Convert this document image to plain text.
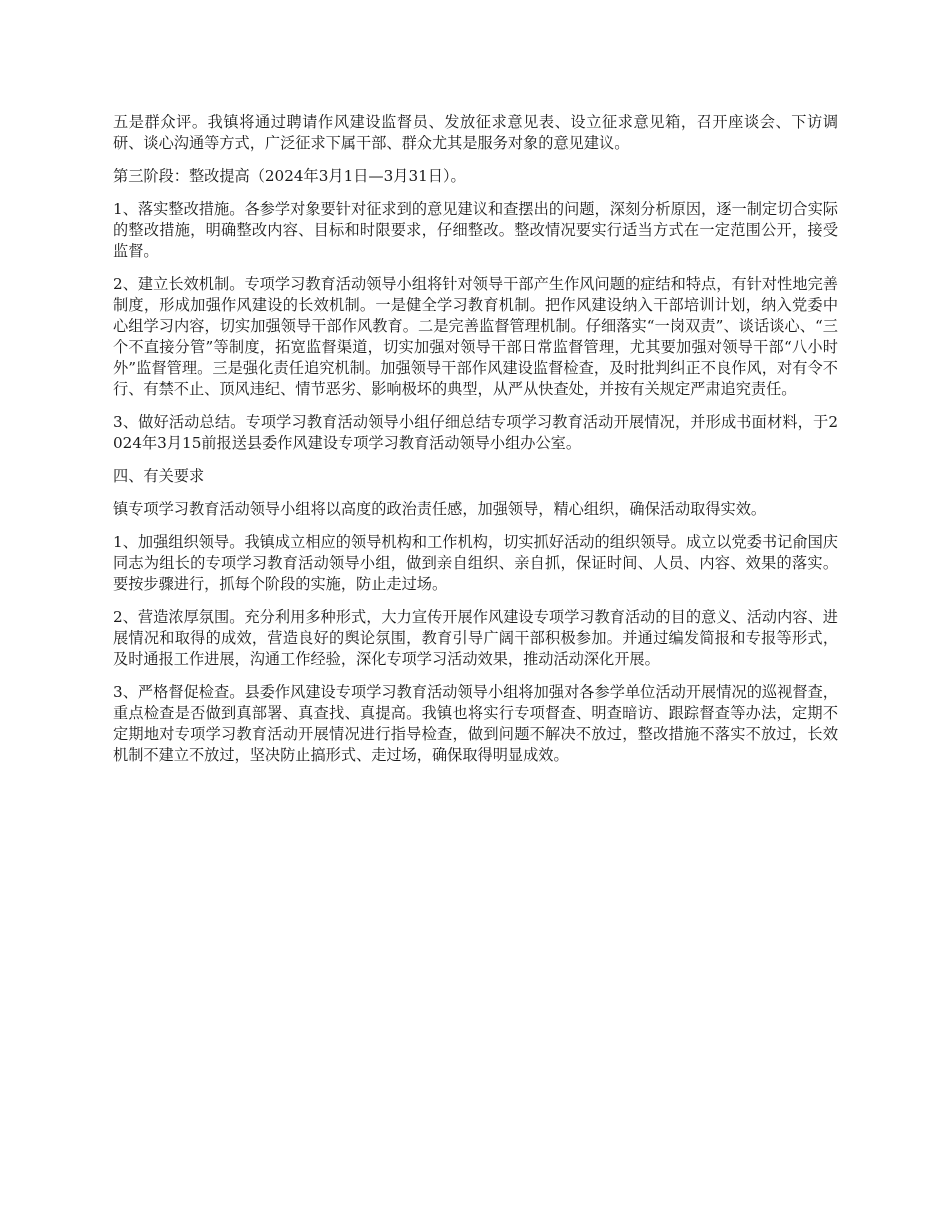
五是群众评。我镇将通过聘请作风建设监督员、发放征求意见表、设立征求意见箱，召开座谈会、下访调研、谈心沟通等方式，广泛征求下属干部、群众尤其是服务对象的意见建议。

第三阶段：整改提高（2024年3月1日—3月31日）。

1、落实整改措施。各参学对象要针对征求到的意见建议和查摆出的问题，深刻分析原因，逐一制定切合实际的整改措施，明确整改内容、目标和时限要求，仔细整改。整改情况要实行适当方式在一定范围公开，接受监督。

2、建立长效机制。专项学习教育活动领导小组将针对领导干部产生作风问题的症结和特点，有针对性地完善制度，形成加强作风建设的长效机制。一是健全学习教育机制。把作风建设纳入干部培训计划，纳入党委中心组学习内容，切实加强领导干部作风教育。二是完善监督管理机制。仔细落实“一岗双责”、谈话谈心、“三个不直接分管”等制度，拓宽监督渠道，切实加强对领导干部日常监督管理，尤其要加强对领导干部“八小时外”监督管理。三是强化责任追究机制。加强领导干部作风建设监督检查，及时批判纠正不良作风，对有令不行、有禁不止、顶风违纪、情节恶劣、影响极坏的典型，从严从快查处，并按有关规定严肃追究责任。

3、做好活动总结。专项学习教育活动领导小组仔细总结专项学习教育活动开展情况，并形成书面材料，于2024年3月15前报送县委作风建设专项学习教育活动领导小组办公室。

四、有关要求

镇专项学习教育活动领导小组将以高度的政治责任感，加强领导，精心组织，确保活动取得实效。

1、加强组织领导。我镇成立相应的领导机构和工作机构，切实抓好活动的组织领导。成立以党委书记俞国庆同志为组长的专项学习教育活动领导小组，做到亲自组织、亲自抓，保证时间、人员、内容、效果的落实。要按步骤进行，抓每个阶段的实施，防止走过场。

2、营造浓厚氛围。充分利用多种形式，大力宣传开展作风建设专项学习教育活动的目的意义、活动内容、进展情况和取得的成效，营造良好的舆论氛围，教育引导广阔干部积极参加。并通过编发简报和专报等形式，及时通报工作进展，沟通工作经验，深化专项学习活动效果，推动活动深化开展。

3、严格督促检查。县委作风建设专项学习教育活动领导小组将加强对各参学单位活动开展情况的巡视督查，重点检查是否做到真部署、真查找、真提高。我镇也将实行专项督查、明查暗访、跟踪督查等办法，定期不定期地对专项学习教育活动开展情况进行指导检查，做到问题不解决不放过，整改措施不落实不放过，长效机制不建立不放过，坚决防止搞形式、走过场，确保取得明显成效。
